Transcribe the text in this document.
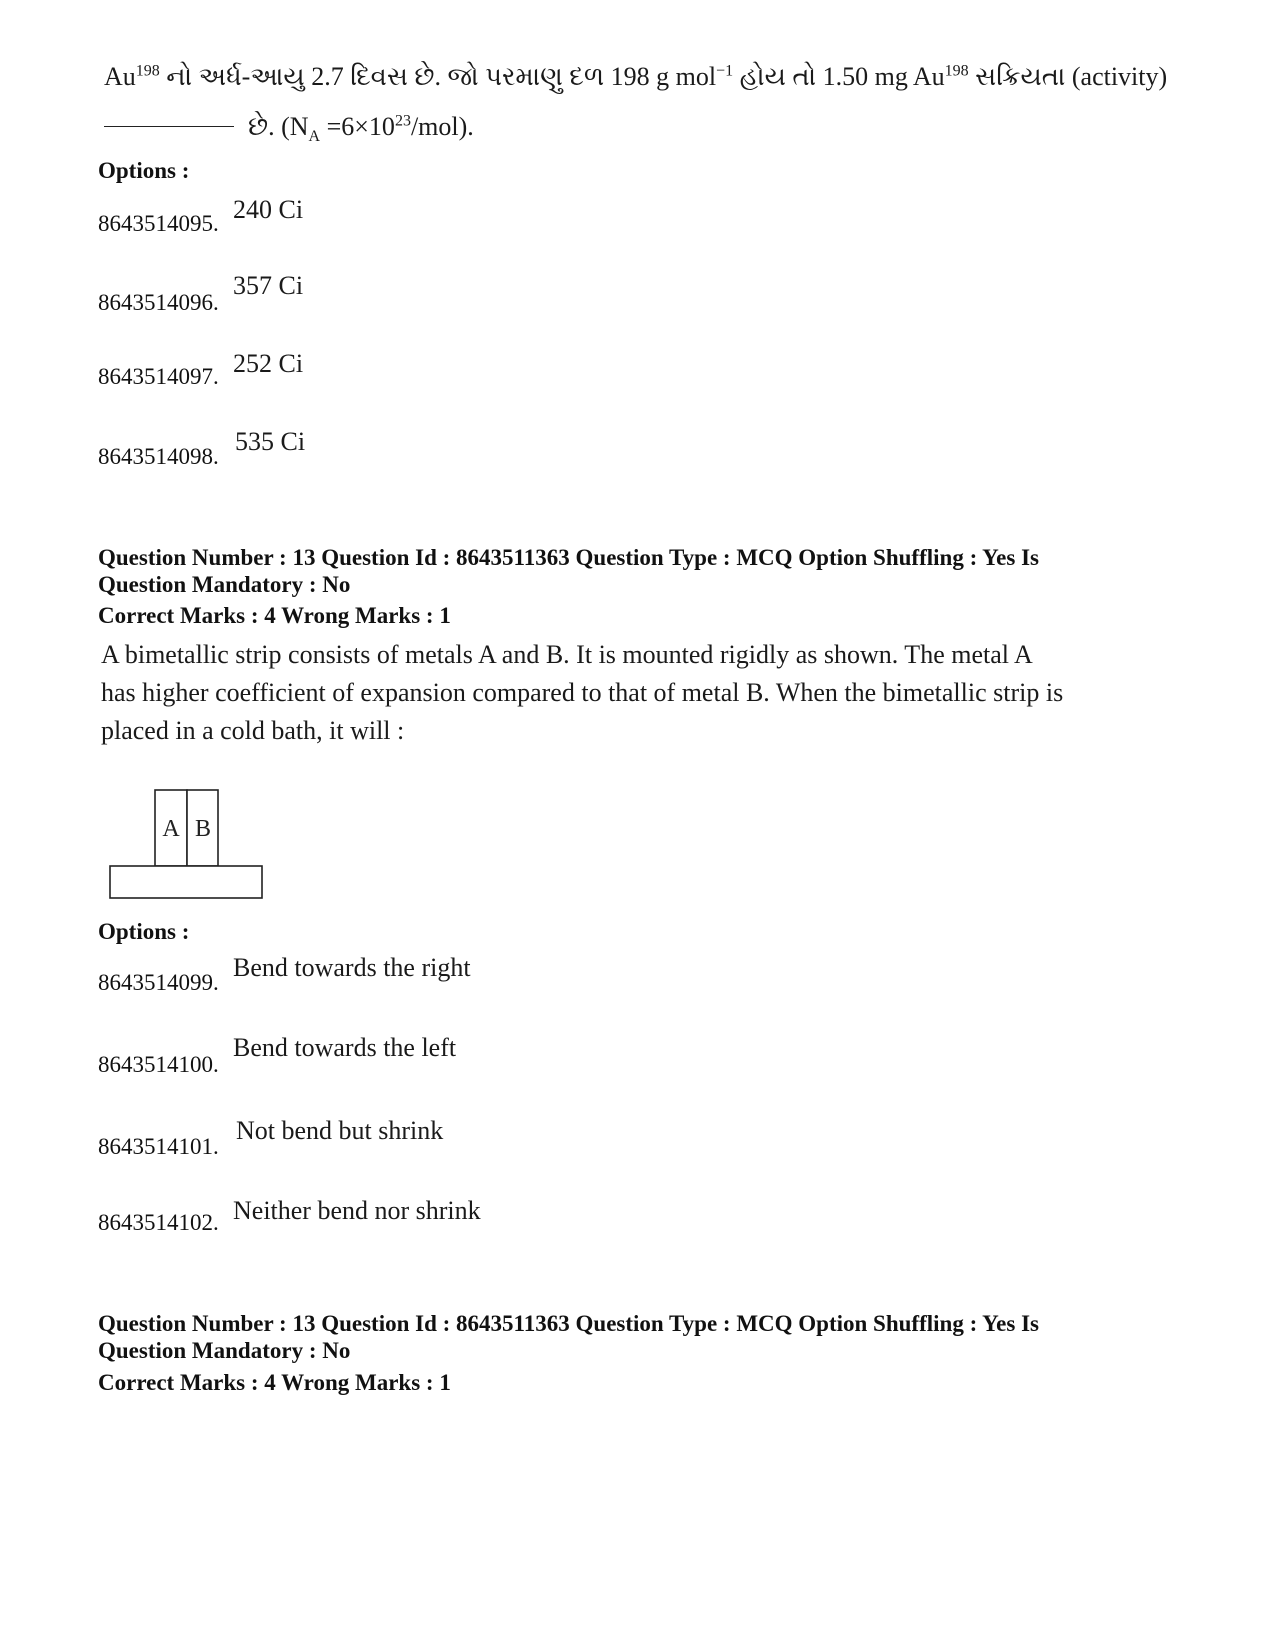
Au$^{198}$ નો અર્ધ-આયુ 2.7 દિવસ છે. જો પરમાણુ દળ 198 g mol$^{-1}$ હોય તો 1.50 mg Au$^{198}$ સક્રિયતા (activity)
છે. $(N_A =6\times 10^{23}/mol)$.
Options :
8643514095. 240 Ci
8643514096.
357 Ci
8643514097. 252 Ci
8643514098.
535 Ci
Question Number : 13 Question Id : 8643511363 Question Type : MCQ Option Shuffling : Yes Is
Question Mandatory : No
Correct Marks : 4 Wrong Marks : 1
A bimetallic strip consists of metals A and B. It is mounted rigidly as shown. The metal A
has higher coefficient of expansion compared to that of metal B. When the bimetallic strip is
placed in a cold bath, it will :
A B
Options :
8643514099.
Bend towards the right
8643514100.
Bend towards the left
8643514101.
Not bend but shrink
8643514102. Neither bend nor shrink
Question Number : 13 Question Id : 8643511363 Question Type : MCQ Option Shuffling : Yes Is
Question Mandatory : No
Correct Marks : 4 Wrong Marks : 1
